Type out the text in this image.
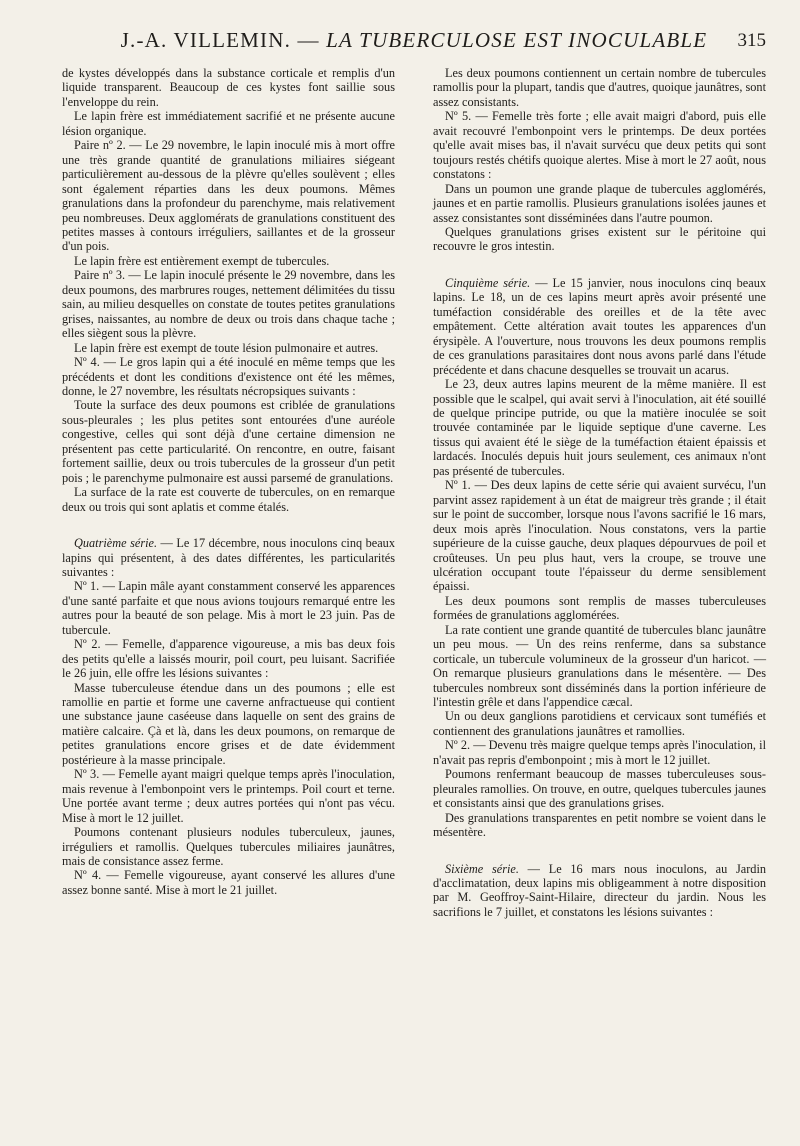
J.-A. VILLEMIN. — LA TUBERCULOSE EST INOCULABLE	315

de kystes développés dans la substance corticale et remplis d'un liquide transparent. Beaucoup de ces kystes font saillie sous l'enveloppe du rein.

Le lapin frère est immédiatement sacrifié et ne présente aucune lésion organique.

Paire nº 2. — Le 29 novembre, le lapin inoculé mis à mort offre une très grande quantité de granulations miliaires siégeant particulièrement au-dessous de la plèvre qu'elles soulèvent ; elles sont également réparties dans les deux poumons. Mêmes granulations dans la profondeur du parenchyme, mais relativement peu nombreuses. Deux agglomérats de granulations constituent des petites masses à contours irréguliers, saillantes et de la grosseur d'un pois.

Le lapin frère est entièrement exempt de tubercules.

Paire nº 3. — Le lapin inoculé présente le 29 novembre, dans les deux poumons, des marbrures rouges, nettement délimitées du tissu sain, au milieu desquelles on constate de toutes petites granulations grises, naissantes, au nombre de deux ou trois dans chaque tache ; elles siègent sous la plèvre.

Le lapin frère est exempt de toute lésion pulmonaire et autres.

Nº 4. — Le gros lapin qui a été inoculé en même temps que les précédents et dont les conditions d'existence ont été les mêmes, donne, le 27 novembre, les résultats nécropsiques suivants :

Toute la surface des deux poumons est criblée de granulations sous-pleurales ; les plus petites sont entourées d'une auréole congestive, celles qui sont déjà d'une certaine dimension ne présentent pas cette particularité. On rencontre, en outre, faisant fortement saillie, deux ou trois tubercules de la grosseur d'un petit pois ; le parenchyme pulmonaire est aussi parsemé de granulations.

La surface de la rate est couverte de tubercules, on en remarque deux ou trois qui sont aplatis et comme étalés.

Quatrième série. — Le 17 décembre, nous inoculons cinq beaux lapins qui présentent, à des dates différentes, les particularités suivantes :

Nº 1. — Lapin mâle ayant constamment conservé les apparences d'une santé parfaite et que nous avions toujours remarqué entre les autres pour la beauté de son pelage. Mis à mort le 23 juin. Pas de tubercule.

Nº 2. — Femelle, d'apparence vigoureuse, a mis bas deux fois des petits qu'elle a laissés mourir, poil court, peu luisant. Sacrifiée le 26 juin, elle offre les lésions suivantes :

Masse tuberculeuse étendue dans un des poumons ; elle est ramollie en partie et forme une caverne anfractueuse qui contient une substance jaune caséeuse dans laquelle on sent des grains de matière calcaire. Çà et là, dans les deux poumons, on remarque de petites granulations encore grises et de date évidemment postérieure à la masse principale.

Nº 3. — Femelle ayant maigri quelque temps après l'inoculation, mais revenue à l'embonpoint vers le printemps. Poil court et terne. Une portée avant terme ; deux autres portées qui n'ont pas vécu. Mise à mort le 12 juillet.

Poumons contenant plusieurs nodules tuberculeux, jaunes, irréguliers et ramollis. Quelques tubercules miliaires jaunâtres, mais de consistance assez ferme.

Nº 4. — Femelle vigoureuse, ayant conservé les allures d'une assez bonne santé. Mise à mort le 21 juillet.

Les deux poumons contiennent un certain nombre de tubercules ramollis pour la plupart, tandis que d'autres, quoique jaunâtres, sont assez consistants.

Nº 5. — Femelle très forte ; elle avait maigri d'abord, puis elle avait recouvré l'embonpoint vers le printemps. De deux portées qu'elle avait mises bas, il n'avait survécu que deux petits qui sont toujours restés chétifs quoique alertes. Mise à mort le 27 août, nous constatons :

Dans un poumon une grande plaque de tubercules agglomérés, jaunes et en partie ramollis. Plusieurs granulations isolées jaunes et assez consistantes sont disséminées dans l'autre poumon.

Quelques granulations grises existent sur le péritoine qui recouvre le gros intestin.

Cinquième série. — Le 15 janvier, nous inoculons cinq beaux lapins. Le 18, un de ces lapins meurt après avoir présenté une tuméfaction considérable des oreilles et de la tête avec empâtement. Cette altération avait toutes les apparences d'un érysipèle. A l'ouverture, nous trouvons les deux poumons remplis de ces granulations parasitaires dont nous avons parlé dans l'étude précédente et dans chacune desquelles se trouvait un acarus.

Le 23, deux autres lapins meurent de la même manière. Il est possible que le scalpel, qui avait servi à l'inoculation, ait été souillé de quelque principe putride, ou que la matière inoculée se soit trouvée contaminée par le liquide septique d'une caverne. Les tissus qui avaient été le siège de la tuméfaction étaient épaissis et lardacés. Inoculés depuis huit jours seulement, ces animaux n'ont pas présenté de tubercules.

Nº 1. — Des deux lapins de cette série qui avaient survécu, l'un parvint assez rapidement à un état de maigreur très grande ; il était sur le point de succomber, lorsque nous l'avons sacrifié le 16 mars, deux mois après l'inoculation. Nous constatons, vers la partie supérieure de la cuisse gauche, deux plaques dépourvues de poil et croûteuses. Un peu plus haut, vers la croupe, se trouve une ulcération occupant toute l'épaisseur du derme sensiblement épaissi.

Les deux poumons sont remplis de masses tuberculeuses formées de granulations agglomérées.

La rate contient une grande quantité de tubercules blanc jaunâtre un peu mous. — Un des reins renferme, dans sa substance corticale, un tubercule volumineux de la grosseur d'un haricot. — On remarque plusieurs granulations dans le mésentère. — Des tubercules nombreux sont disséminés dans la portion inférieure de l'intestin grêle et dans l'appendice cæcal.

Un ou deux ganglions parotidiens et cervicaux sont tuméfiés et contiennent des granulations jaunâtres et ramollies.

Nº 2. — Devenu très maigre quelque temps après l'inoculation, il n'avait pas repris d'embonpoint ; mis à mort le 12 juillet.

Poumons renfermant beaucoup de masses tuberculeuses sous-pleurales ramollies. On trouve, en outre, quelques tubercules jaunes et consistants ainsi que des granulations grises.

Des granulations transparentes en petit nombre se voient dans le mésentère.

Sixième série. — Le 16 mars nous inoculons, au Jardin d'acclimatation, deux lapins mis obligeamment à notre disposition par M. Geoffroy-Saint-Hilaire, directeur du jardin. Nous les sacrifions le 7 juillet, et constatons les lésions suivantes :
